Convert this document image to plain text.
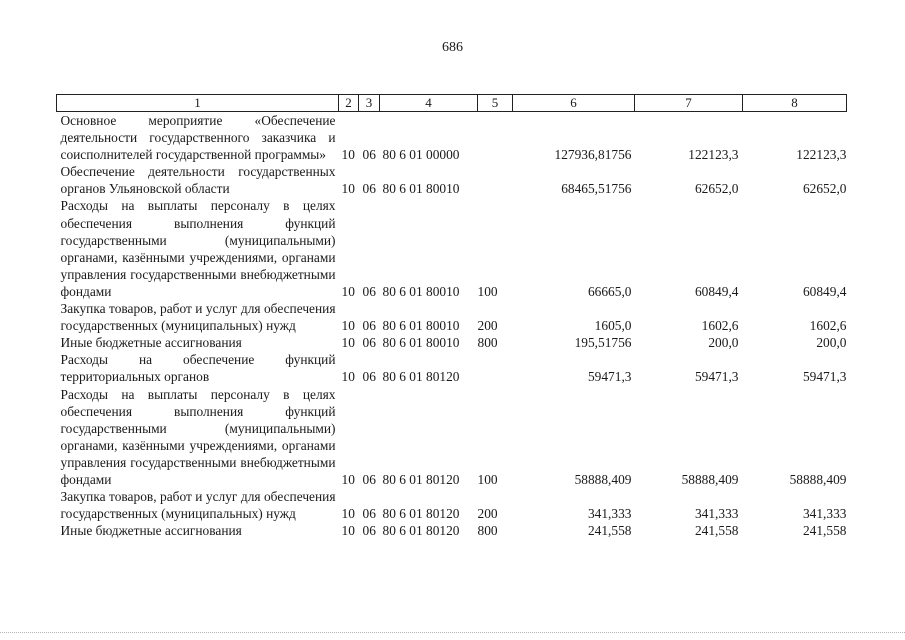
686
1	2	3	4	5	6	7	8
Основное мероприятие «Обеспечение деятельности государственного заказчика и соисполнителей государственной программы»	10	06	80 6 01 00000		127936,81756	122123,3	122123,3
Обеспечение деятельности государственных органов Ульяновской области	10	06	80 6 01 80010		68465,51756	62652,0	62652,0
Расходы на выплаты персоналу в целях обеспечения выполнения функций государственными (муниципальными) органами, казёнными учреждениями, органами управления государственными внебюджетными фондами	10	06	80 6 01 80010	100	66665,0	60849,4	60849,4
Закупка товаров, работ и услуг для обеспечения государственных (муниципальных) нужд	10	06	80 6 01 80010	200	1605,0	1602,6	1602,6
Иные бюджетные ассигнования	10	06	80 6 01 80010	800	195,51756	200,0	200,0
Расходы на обеспечение функций территориальных органов	10	06	80 6 01 80120		59471,3	59471,3	59471,3
Расходы на выплаты персоналу в целях обеспечения выполнения функций государственными (муниципальными) органами, казёнными учреждениями, органами управления государственными внебюджетными фондами	10	06	80 6 01 80120	100	58888,409	58888,409	58888,409
Закупка товаров, работ и услуг для обеспечения государственных (муниципальных) нужд	10	06	80 6 01 80120	200	341,333	341,333	341,333
Иные бюджетные ассигнования	10	06	80 6 01 80120	800	241,558	241,558	241,558
